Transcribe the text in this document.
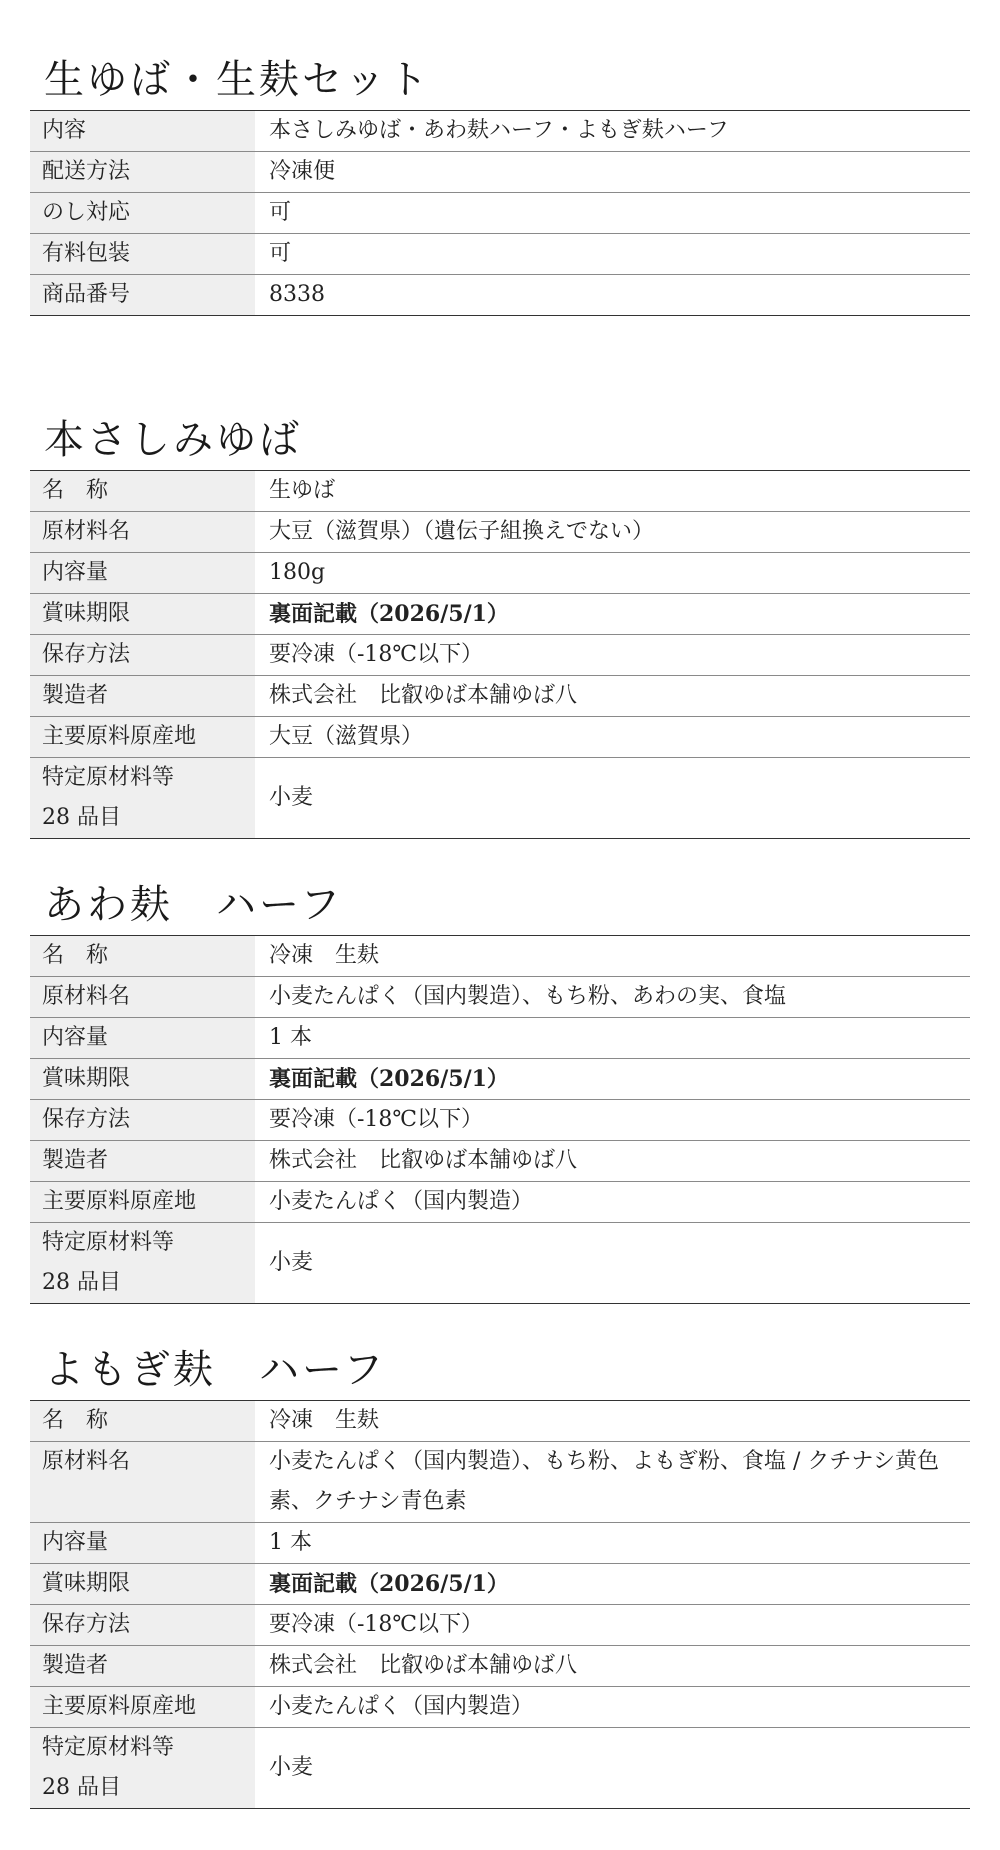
生ゆば・生麸セット
内容	本さしみゆば・あわ麸ハーフ・よもぎ麸ハーフ
配送方法	冷凍便
のし対応	可
有料包装	可
商品番号	8338
本さしみゆば
名　称	生ゆば
原材料名	大豆（滋賀県）（遺伝子組換えでない）
内容量	180g
賞味期限	裏面記載（2026/5/1）
保存方法	要冷凍（-18℃以下）
製造者	株式会社　比叡ゆば本舗ゆば八
主要原料原産地	大豆（滋賀県）

特定原材料等
28 品目	小麦
あわ麸　ハーフ
名　称	冷凍　生麸
原材料名	小麦たんぱく（国内製造）、もち粉、あわの実、食塩
内容量	1 本
賞味期限	裏面記載（2026/5/1）
保存方法	要冷凍（-18℃以下）
製造者	株式会社　比叡ゆば本舗ゆば八
主要原料原産地	小麦たんぱく（国内製造）

特定原材料等
28 品目	小麦
よもぎ麸　ハーフ
名　称	冷凍　生麸
原材料名	小麦たんぱく（国内製造）、もち粉、よもぎ粉、食塩 / クチナシ黄色素、クチナシ青色素
内容量	1 本
賞味期限	裏面記載（2026/5/1）
保存方法	要冷凍（-18℃以下）
製造者	株式会社　比叡ゆば本舗ゆば八
主要原料原産地	小麦たんぱく（国内製造）

特定原材料等
28 品目	小麦
